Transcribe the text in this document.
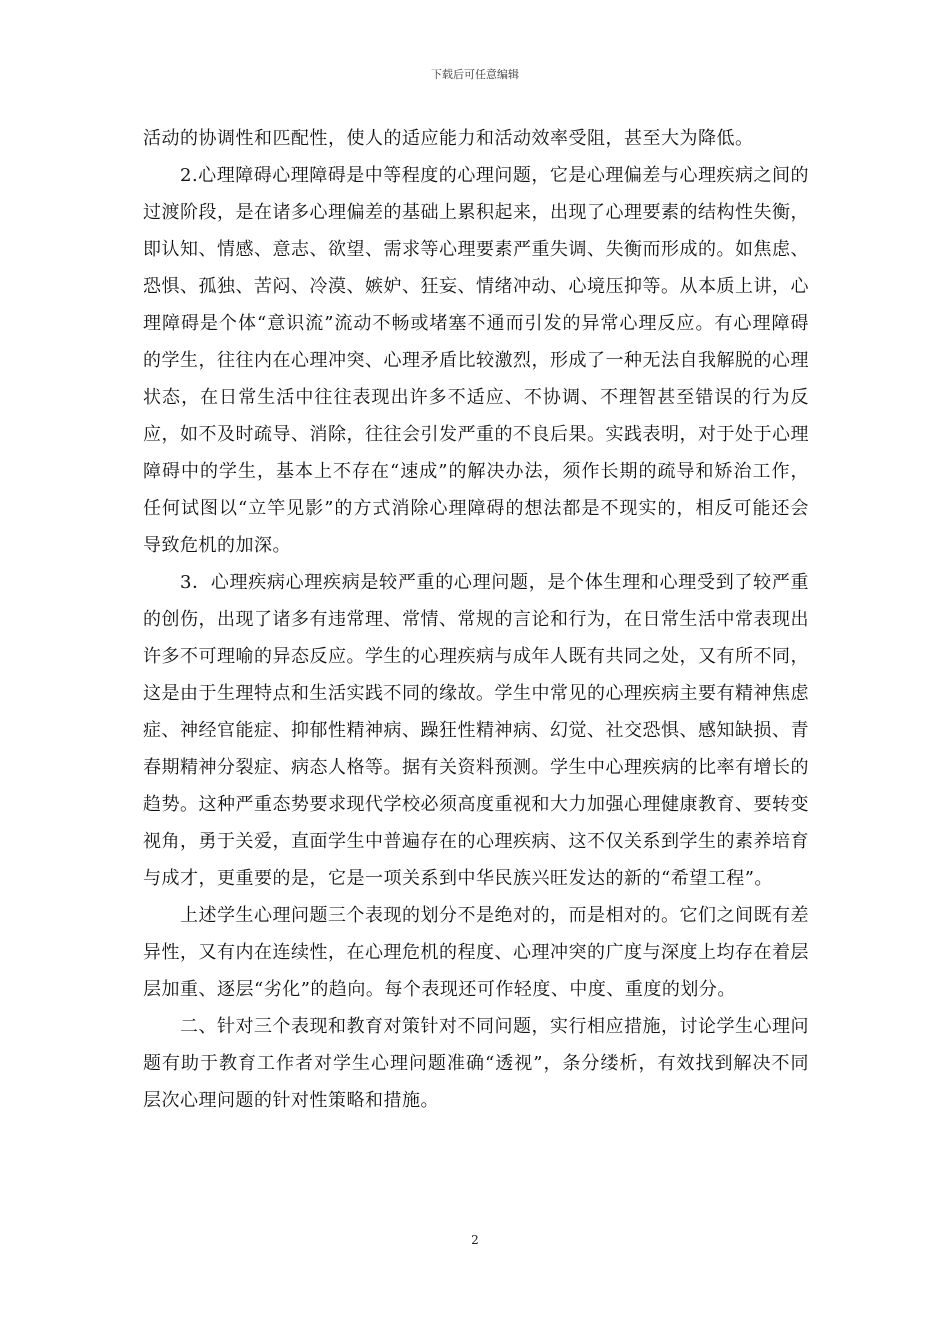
下载后可任意编辑

活动的协调性和匹配性，使人的适应能力和活动效率受阻，甚至大为降低。

2.心理障碍心理障碍是中等程度的心理问题，它是心理偏差与心理疾病之间的过渡阶段，是在诸多心理偏差的基础上累积起来，出现了心理要素的结构性失衡，即认知、情感、意志、欲望、需求等心理要素严重失调、失衡而形成的。如焦虑、恐惧、孤独、苦闷、冷漠、嫉妒、狂妄、情绪冲动、心境压抑等。从本质上讲，心理障碍是个体“意识流”流动不畅或堵塞不通而引发的异常心理反应。有心理障碍的学生，往往内在心理冲突、心理矛盾比较激烈，形成了一种无法自我解脱的心理状态，在日常生活中往往表现出许多不适应、不协调、不理智甚至错误的行为反应，如不及时疏导、消除，往往会引发严重的不良后果。实践表明，对于处于心理障碍中的学生，基本上不存在“速成”的解决办法，须作长期的疏导和矫治工作，任何试图以“立竿见影”的方式消除心理障碍的想法都是不现实的，相反可能还会导致危机的加深。

3．心理疾病心理疾病是较严重的心理问题，是个体生理和心理受到了较严重的创伤，出现了诸多有违常理、常情、常规的言论和行为，在日常生活中常表现出许多不可理喻的异态反应。学生的心理疾病与成年人既有共同之处，又有所不同，这是由于生理特点和生活实践不同的缘故。学生中常见的心理疾病主要有精神焦虑症、神经官能症、抑郁性精神病、躁狂性精神病、幻觉、社交恐惧、感知缺损、青春期精神分裂症、病态人格等。据有关资料预测。学生中心理疾病的比率有增长的趋势。这种严重态势要求现代学校必须高度重视和大力加强心理健康教育、要转变视角，勇于关爱，直面学生中普遍存在的心理疾病、这不仅关系到学生的素养培育与成才，更重要的是，它是一项关系到中华民族兴旺发达的新的“希望工程”。

上述学生心理问题三个表现的划分不是绝对的，而是相对的。它们之间既有差异性，又有内在连续性，在心理危机的程度、心理冲突的广度与深度上均存在着层层加重、逐层“劣化”的趋向。每个表现还可作轻度、中度、重度的划分。

二、针对三个表现和教育对策针对不同问题，实行相应措施，讨论学生心理问题有助于教育工作者对学生心理问题准确“透视”，条分缕析，有效找到解决不同层次心理问题的针对性策略和措施。

2
